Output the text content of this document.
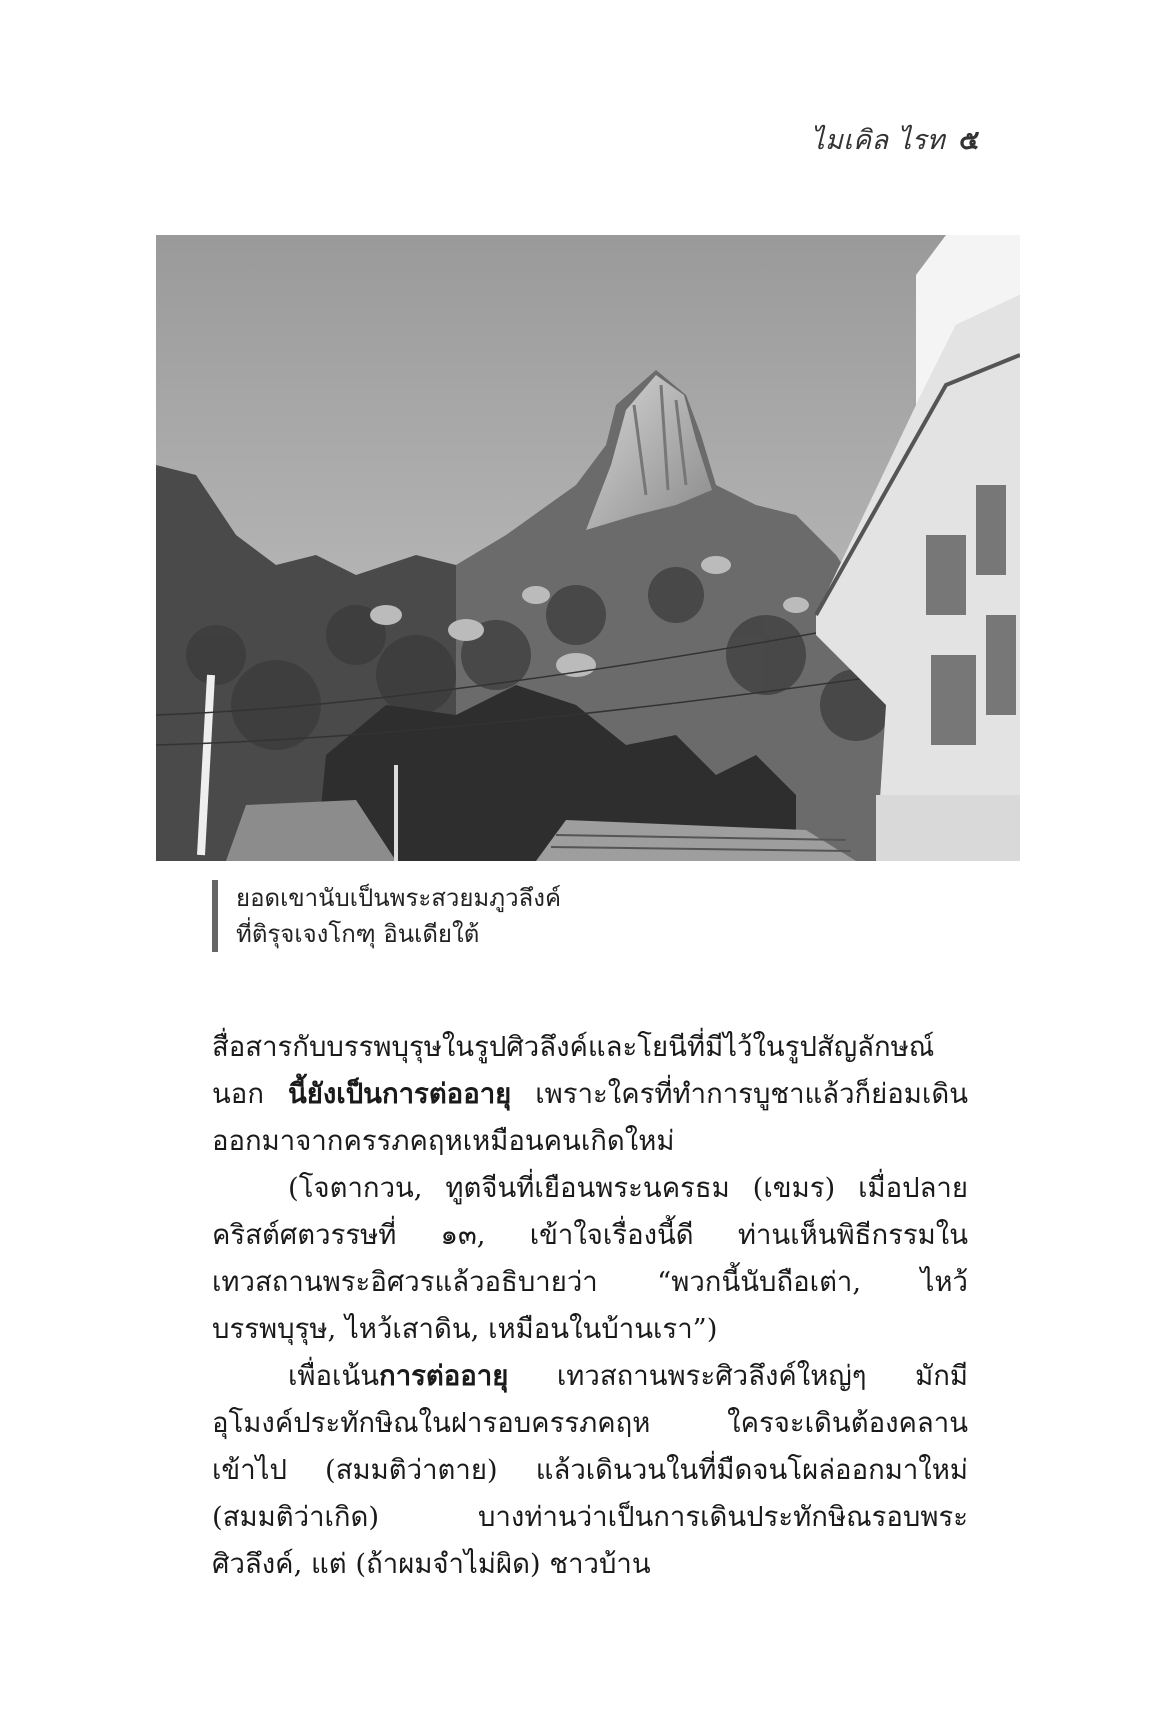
ไมเคิล ไรท ๕
ยอดเขานับเป็นพระสวยมภูวลึงค์
ที่ติรุจเจงโกฑุ อินเดียใต้

สื่อสารกับบรรพบุรุษในรูปศิวลึงค์และโยนีที่มีไว้ในรูปสัญลักษณ์ นอก นี้ยังเป็นการต่ออายุ เพราะใครที่ทำการบูชาแล้วก็ย่อมเดินออกมาจากครรภคฤหเหมือนคนเกิดใหม่

(โจตากวน, ทูตจีนที่เยือนพระนครธม (เขมร) เมื่อปลายคริสต์ศตวรรษที่ ๑๓, เข้าใจเรื่องนี้ดี ท่านเห็นพิธีกรรมในเทวสถานพระอิศวรแล้วอธิบายว่า “พวกนี้นับถือเต่า, ไหว้บรรพบุรุษ, ไหว้เสาดิน, เหมือนในบ้านเรา”)

เพื่อเน้นการต่ออายุ เทวสถานพระศิวลึงค์ใหญ่ๆ มักมีอุโมงค์ประทักษิณในฝารอบครรภคฤห ใครจะเดินต้องคลานเข้าไป (สมมติว่าตาย) แล้วเดินวนในที่มืดจนโผล่ออกมาใหม่ (สมมติว่าเกิด) บางท่านว่าเป็นการเดินประทักษิณรอบพระศิวลึงค์, แต่ (ถ้าผมจำไม่ผิด) ชาวบ้าน
